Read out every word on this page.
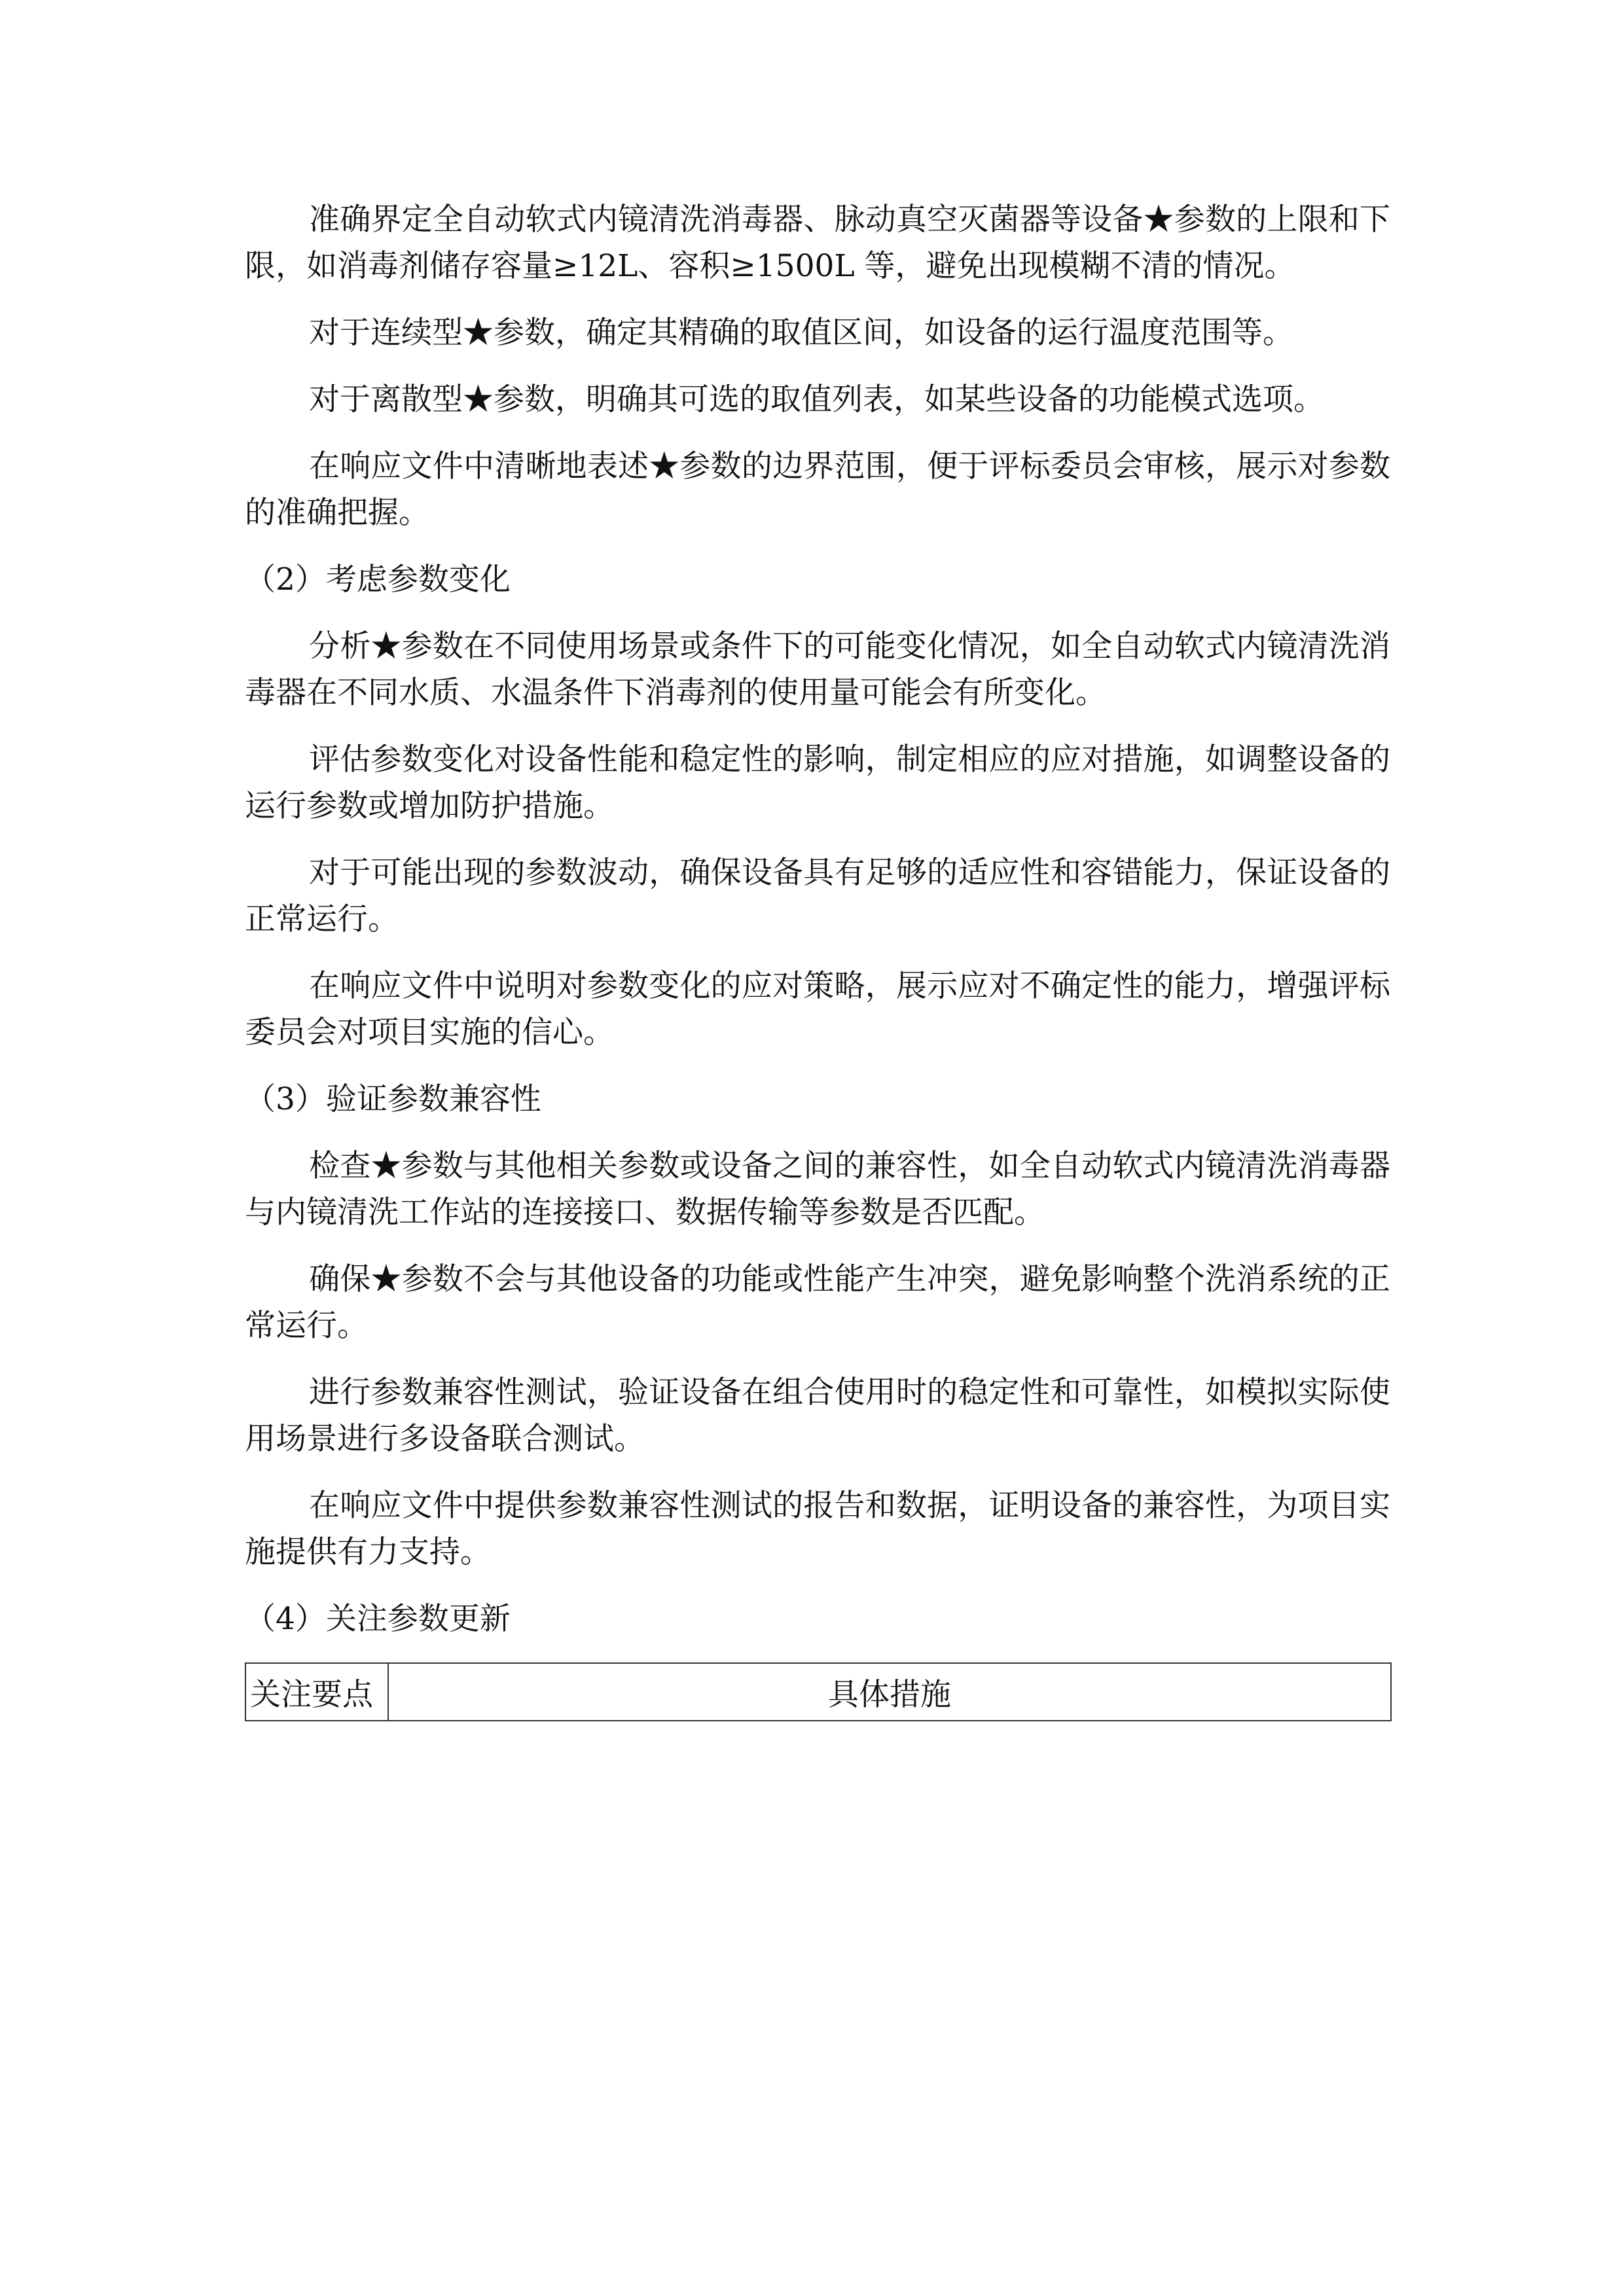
准确界定全自动软式内镜清洗消毒器、脉动真空灭菌器等设备★参数的上限和下限，如消毒剂储存容量≥12L、容积≥1500L 等，避免出现模糊不清的情况。

对于连续型★参数，确定其精确的取值区间，如设备的运行温度范围等。

对于离散型★参数，明确其可选的取值列表，如某些设备的功能模式选项。

在响应文件中清晰地表述★参数的边界范围，便于评标委员会审核，展示对参数的准确把握。

（2）考虑参数变化

分析★参数在不同使用场景或条件下的可能变化情况，如全自动软式内镜清洗消毒器在不同水质、水温条件下消毒剂的使用量可能会有所变化。

评估参数变化对设备性能和稳定性的影响，制定相应的应对措施，如调整设备的运行参数或增加防护措施。

对于可能出现的参数波动，确保设备具有足够的适应性和容错能力，保证设备的正常运行。

在响应文件中说明对参数变化的应对策略，展示应对不确定性的能力，增强评标委员会对项目实施的信心。

（3）验证参数兼容性

检查★参数与其他相关参数或设备之间的兼容性，如全自动软式内镜清洗消毒器与内镜清洗工作站的连接接口、数据传输等参数是否匹配。

确保★参数不会与其他设备的功能或性能产生冲突，避免影响整个洗消系统的正常运行。

进行参数兼容性测试，验证设备在组合使用时的稳定性和可靠性，如模拟实际使用场景进行多设备联合测试。

在响应文件中提供参数兼容性测试的报告和数据，证明设备的兼容性，为项目实施提供有力支持。

（4）关注参数更新

关注要点	具体措施
